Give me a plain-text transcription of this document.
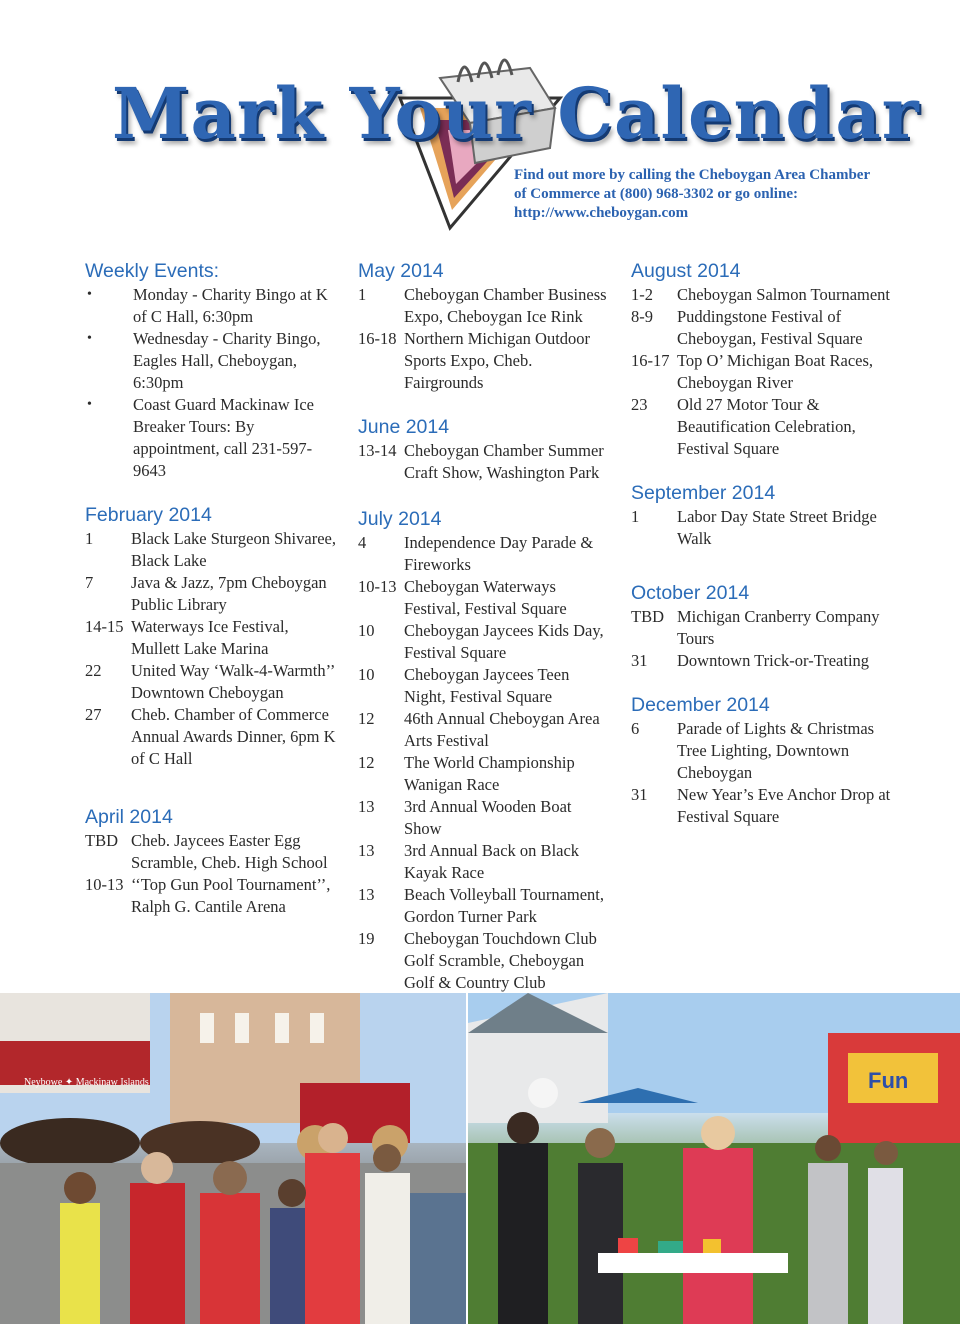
Mark Your Calendar
Find out more by calling the Cheboygan Area Chamber of Commerce at (800) 968-3302 or go online: http://www.cheboygan.com
Weekly Events:
•	Monday - Charity Bingo at K of C Hall, 6:30pm
•	Wednesday - Charity Bingo, Eagles Hall, Cheboygan, 6:30pm
•	Coast Guard Mackinaw Ice Breaker Tours: By appointment, call 231-597-9643
February 2014
1	Black Lake Sturgeon Shivaree, Black Lake
7	Java & Jazz, 7pm Cheboygan Public Library
14-15 Waterways Ice Festival, Mullett Lake Marina
22	United Way ‘Walk-4-Warmth’’ Downtown Cheboygan
27	Cheb. Chamber of Commerce Annual Awards Dinner, 6pm K of C Hall
April 2014
TBD Cheb. Jaycees Easter Egg Scramble, Cheb. High School
10-13 ‘‘Top Gun Pool Tournament’’, Ralph G. Cantile Arena
May 2014
1	Cheboygan Chamber Business Expo, Cheboygan Ice Rink
16-18 Northern Michigan Outdoor Sports Expo, Cheb. Fairgrounds
June 2014
13-14 Cheboygan Chamber Summer Craft Show, Washington Park
July 2014
4	Independence Day Parade & Fireworks
10-13 Cheboygan Waterways Festival, Festival Square
10	Cheboygan Jaycees Kids Day, Festival Square
10	Cheboygan Jaycees Teen Night, Festival Square
12	46th Annual Cheboygan Area Arts Festival
12	The World Championship Wanigan Race
13	3rd Annual Wooden Boat Show
13	3rd Annual Back on Black Kayak Race
13	Beach Volleyball Tournament, Gordon Turner Park
19	Cheboygan Touchdown Club Golf Scramble, Cheboygan Golf & Country Club
August 2014
1-2	Cheboygan Salmon Tournament
8-9	Puddingstone Festival of Cheboygan, Festival Square
16-17 Top O’ Michigan Boat Races, Cheboygan River
23	Old 27 Motor Tour & Beautification Celebration, Festival Square
September 2014
1	Labor Day State Street Bridge Walk
October 2014
TBD Michigan Cranberry Company Tours
31	Downtown Trick-or-Treating
December 2014
6	Parade of Lights & Christmas Tree Lighting, Downtown Cheboygan
31	New Year’s Eve Anchor Drop at Festival Square
Neybowe ✦ Mackinaw Islands	Fun
